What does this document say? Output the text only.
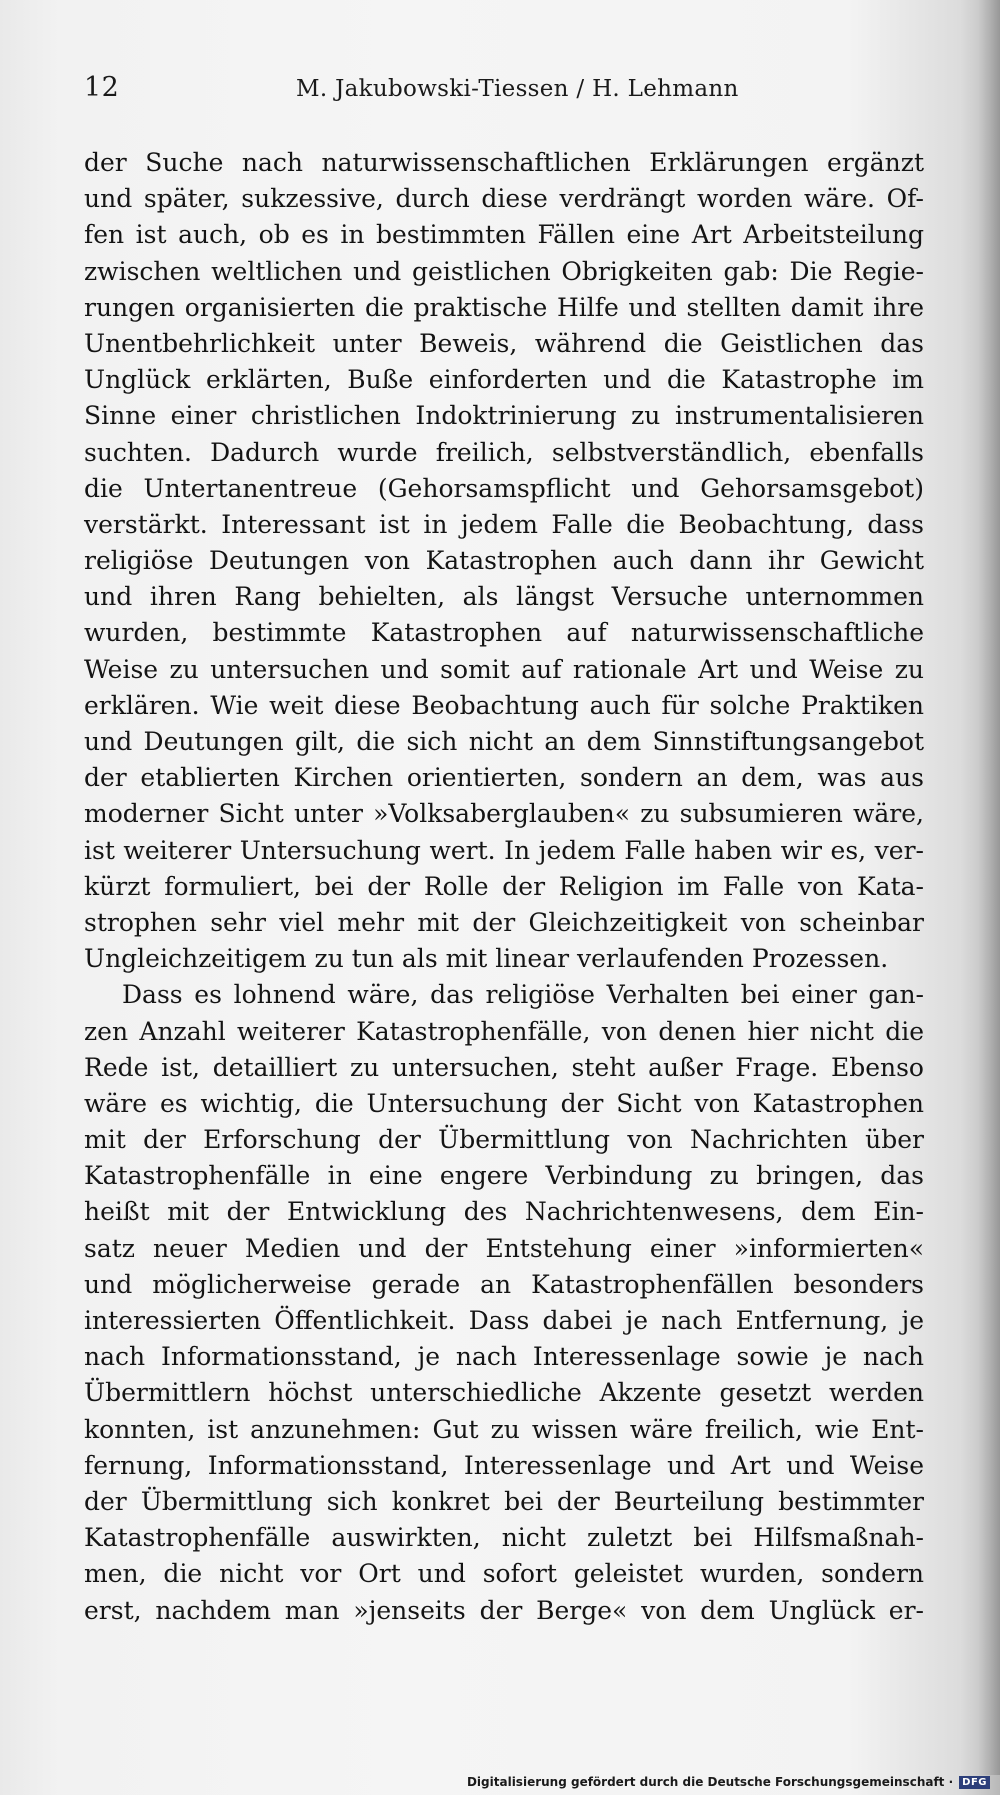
12	M. Jakubowski-Tiessen / H. Lehmann
der Suche nach naturwissenschaftlichen Erklärungen ergänzt
und später, sukzessive, durch diese verdrängt worden wäre. Of-
fen ist auch, ob es in bestimmten Fällen eine Art Arbeitsteilung
zwischen weltlichen und geistlichen Obrigkeiten gab: Die Regie-
rungen organisierten die praktische Hilfe und stellten damit ihre
Unentbehrlichkeit unter Beweis, während die Geistlichen das
Unglück erklärten, Buße einforderten und die Katastrophe im
Sinne einer christlichen Indoktrinierung zu instrumentalisieren
suchten. Dadurch wurde freilich, selbstverständlich, ebenfalls
die Untertanentreue (Gehorsamspflicht und Gehorsamsgebot)
verstärkt. Interessant ist in jedem Falle die Beobachtung, dass
religiöse Deutungen von Katastrophen auch dann ihr Gewicht
und ihren Rang behielten, als längst Versuche unternommen
wurden, bestimmte Katastrophen auf naturwissenschaftliche
Weise zu untersuchen und somit auf rationale Art und Weise zu
erklären. Wie weit diese Beobachtung auch für solche Praktiken
und Deutungen gilt, die sich nicht an dem Sinnstiftungsangebot
der etablierten Kirchen orientierten, sondern an dem, was aus
moderner Sicht unter »Volksaberglauben« zu subsumieren wäre,
ist weiterer Untersuchung wert. In jedem Falle haben wir es, ver-
kürzt formuliert, bei der Rolle der Religion im Falle von Kata-
strophen sehr viel mehr mit der Gleichzeitigkeit von scheinbar
Ungleichzeitigem zu tun als mit linear verlaufenden Prozessen.
Dass es lohnend wäre, das religiöse Verhalten bei einer gan-
zen Anzahl weiterer Katastrophenfälle, von denen hier nicht die
Rede ist, detailliert zu untersuchen, steht außer Frage. Ebenso
wäre es wichtig, die Untersuchung der Sicht von Katastrophen
mit der Erforschung der Übermittlung von Nachrichten über
Katastrophenfälle in eine engere Verbindung zu bringen, das
heißt mit der Entwicklung des Nachrichtenwesens, dem Ein-
satz neuer Medien und der Entstehung einer »informierten«
und möglicherweise gerade an Katastrophenfällen besonders
interessierten Öffentlichkeit. Dass dabei je nach Entfernung, je
nach Informationsstand, je nach Interessenlage sowie je nach
Übermittlern höchst unterschiedliche Akzente gesetzt werden
konnten, ist anzunehmen: Gut zu wissen wäre freilich, wie Ent-
fernung, Informationsstand, Interessenlage und Art und Weise
der Übermittlung sich konkret bei der Beurteilung bestimmter
Katastrophenfälle auswirkten, nicht zuletzt bei Hilfsmaßnah-
men, die nicht vor Ort und sofort geleistet wurden, sondern
erst, nachdem man »jenseits der Berge« von dem Unglück er-
Digitalisierung gefördert durch die Deutsche Forschungsgemeinschaft · DFG
